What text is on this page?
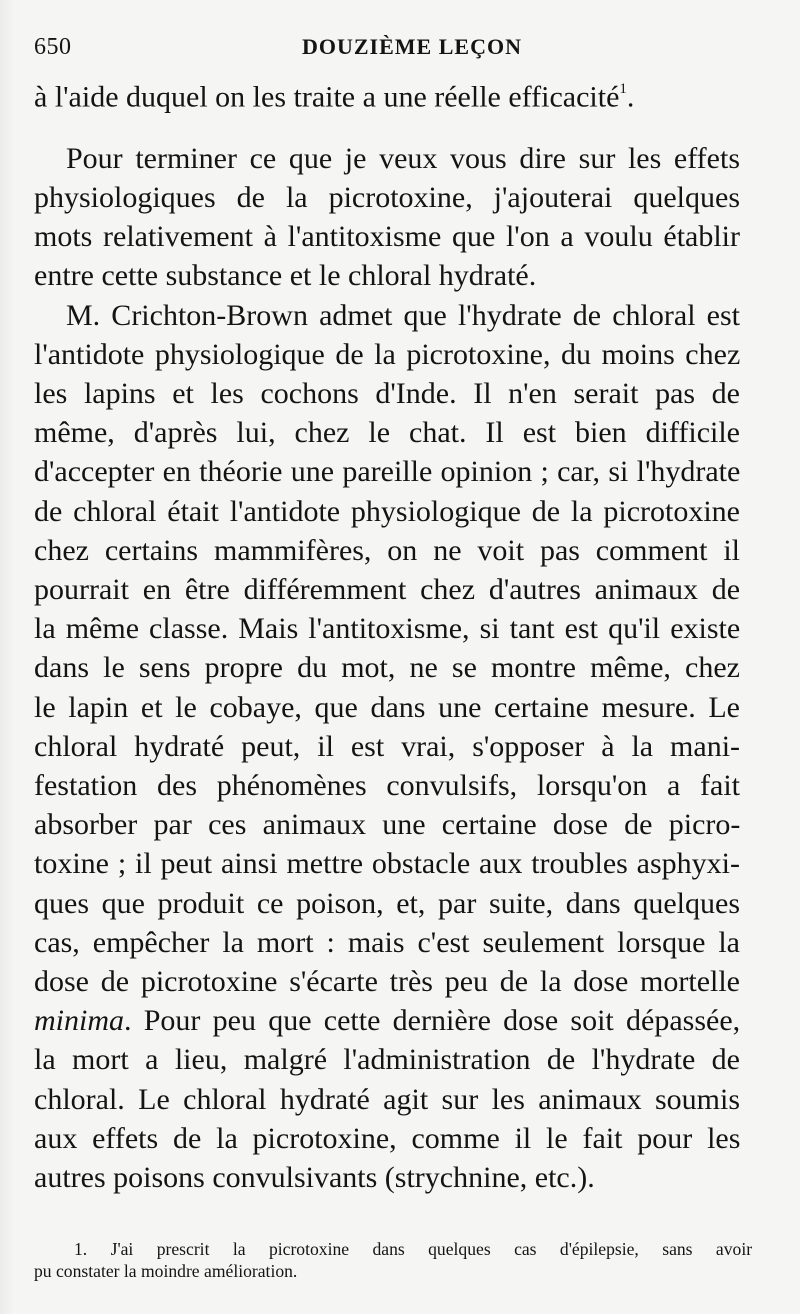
650	DOUZIÈME LEÇON
à l'aide duquel on les traite a une réelle efficacité$^1$.
Pour terminer ce que je veux vous dire sur les effets
physiologiques de la picrotoxine, j'ajouterai quelques
mots relativement à l'antitoxisme que l'on a voulu établir
entre cette substance et le chloral hydraté.
M. Crichton-Brown admet que l'hydrate de chloral est
l'antidote physiologique de la picrotoxine, du moins chez
les lapins et les cochons d'Inde. Il n'en serait pas de
même, d'après lui, chez le chat. Il est bien difficile
d'accepter en théorie une pareille opinion ; car, si l'hydrate
de chloral était l'antidote physiologique de la picrotoxine
chez certains mammifères, on ne voit pas comment il
pourrait en être différemment chez d'autres animaux de
la même classe. Mais l'antitoxisme, si tant est qu'il existe
dans le sens propre du mot, ne se montre même, chez
le lapin et le cobaye, que dans une certaine mesure. Le
chloral hydraté peut, il est vrai, s'opposer à la mani-
festation des phénomènes convulsifs, lorsqu'on a fait
absorber par ces animaux une certaine dose de picro-
toxine ; il peut ainsi mettre obstacle aux troubles asphyxi-
ques que produit ce poison, et, par suite, dans quelques
cas, empêcher la mort : mais c'est seulement lorsque la
dose de picrotoxine s'écarte très peu de la dose mortelle
minima. Pour peu que cette dernière dose soit dépassée,
la mort a lieu, malgré l'administration de l'hydrate de
chloral. Le chloral hydraté agit sur les animaux soumis
aux effets de la picrotoxine, comme il le fait pour les
autres poisons convulsivants (strychnine, etc.).
1. J'ai prescrit la picrotoxine dans quelques cas d'épilepsie, sans avoir
pu constater la moindre amélioration.
